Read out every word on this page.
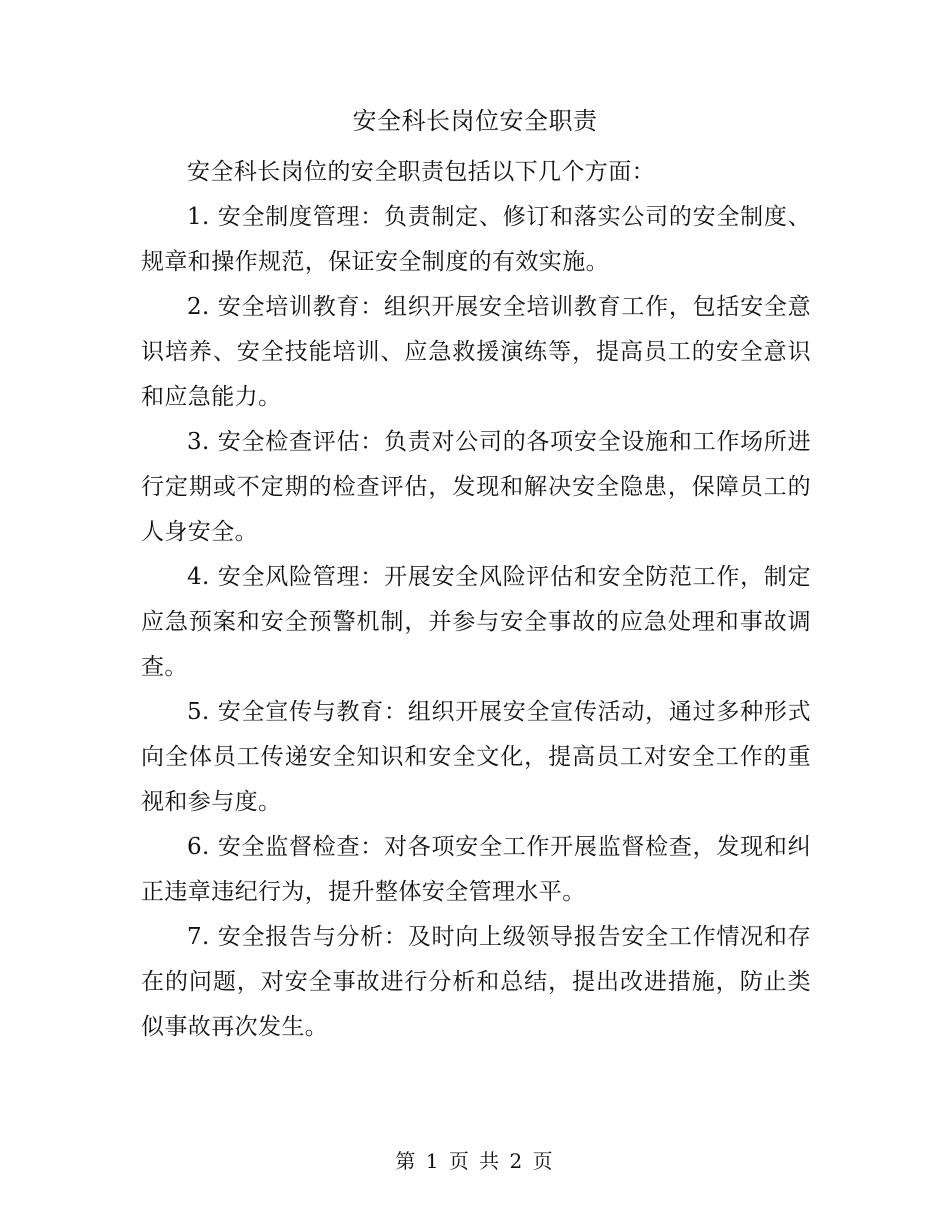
安全科长岗位安全职责

安全科长岗位的安全职责包括以下几个方面：

1. 安全制度管理：负责制定、修订和落实公司的安全制度、规章和操作规范，保证安全制度的有效实施。

2. 安全培训教育：组织开展安全培训教育工作，包括安全意识培养、安全技能培训、应急救援演练等，提高员工的安全意识和应急能力。

3. 安全检查评估：负责对公司的各项安全设施和工作场所进行定期或不定期的检查评估，发现和解决安全隐患，保障员工的人身安全。

4. 安全风险管理：开展安全风险评估和安全防范工作，制定应急预案和安全预警机制，并参与安全事故的应急处理和事故调查。

5. 安全宣传与教育：组织开展安全宣传活动，通过多种形式向全体员工传递安全知识和安全文化，提高员工对安全工作的重视和参与度。

6. 安全监督检查：对各项安全工作开展监督检查，发现和纠正违章违纪行为，提升整体安全管理水平。

7. 安全报告与分析：及时向上级领导报告安全工作情况和存在的问题，对安全事故进行分析和总结，提出改进措施，防止类似事故再次发生。

第 1 页 共 2 页
